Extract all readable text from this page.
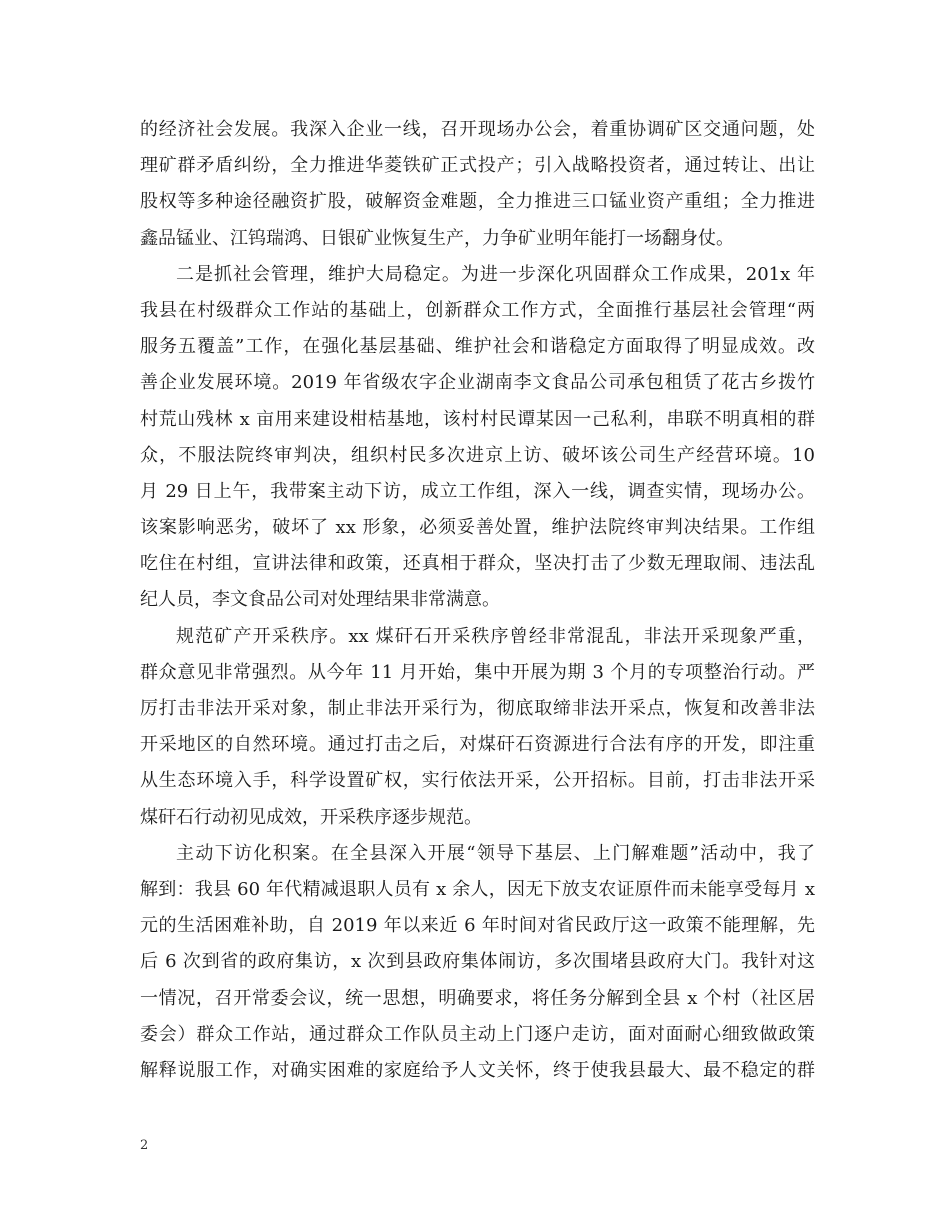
的经济社会发展。我深入企业一线，召开现场办公会，着重协调矿区交通问题，处
理矿群矛盾纠纷，全力推进华菱铁矿正式投产；引入战略投资者，通过转让、出让
股权等多种途径融资扩股，破解资金难题，全力推进三口锰业资产重组；全力推进
鑫品锰业、江钨瑞鸿、日银矿业恢复生产，力争矿业明年能打一场翻身仗。
二是抓社会管理，维护大局稳定。为进一步深化巩固群众工作成果，201x 年
我县在村级群众工作站的基础上，创新群众工作方式，全面推行基层社会管理“两
服务五覆盖”工作，在强化基层基础、维护社会和谐稳定方面取得了明显成效。改
善企业发展环境。2019 年省级农字企业湖南李文食品公司承包租赁了花古乡拨竹
村荒山残林 x 亩用来建设柑桔基地，该村村民谭某因一己私利，串联不明真相的群
众，不服法院终审判决，组织村民多次进京上访、破坏该公司生产经营环境。10
月 29 日上午，我带案主动下访，成立工作组，深入一线，调查实情，现场办公。
该案影响恶劣，破坏了 xx 形象，必须妥善处置，维护法院终审判决结果。工作组
吃住在村组，宣讲法律和政策，还真相于群众，坚决打击了少数无理取闹、违法乱
纪人员，李文食品公司对处理结果非常满意。
规范矿产开采秩序。xx 煤矸石开采秩序曾经非常混乱，非法开采现象严重，
群众意见非常强烈。从今年 11 月开始，集中开展为期 3 个月的专项整治行动。严
厉打击非法开采对象，制止非法开采行为，彻底取缔非法开采点，恢复和改善非法
开采地区的自然环境。通过打击之后，对煤矸石资源进行合法有序的开发，即注重
从生态环境入手，科学设置矿权，实行依法开采，公开招标。目前，打击非法开采
煤矸石行动初见成效，开采秩序逐步规范。
主动下访化积案。在全县深入开展“领导下基层、上门解难题”活动中，我了
解到：我县 60 年代精减退职人员有 x 余人，因无下放支农证原件而未能享受每月 x
元的生活困难补助，自 2019 年以来近 6 年时间对省民政厅这一政策不能理解，先
后 6 次到省的政府集访，x 次到县政府集体闹访，多次围堵县政府大门。我针对这
一情况，召开常委会议，统一思想，明确要求，将任务分解到全县 x 个村（社区居
委会）群众工作站，通过群众工作队员主动上门逐户走访，面对面耐心细致做政策
解释说服工作，对确实困难的家庭给予人文关怀，终于使我县最大、最不稳定的群
2
